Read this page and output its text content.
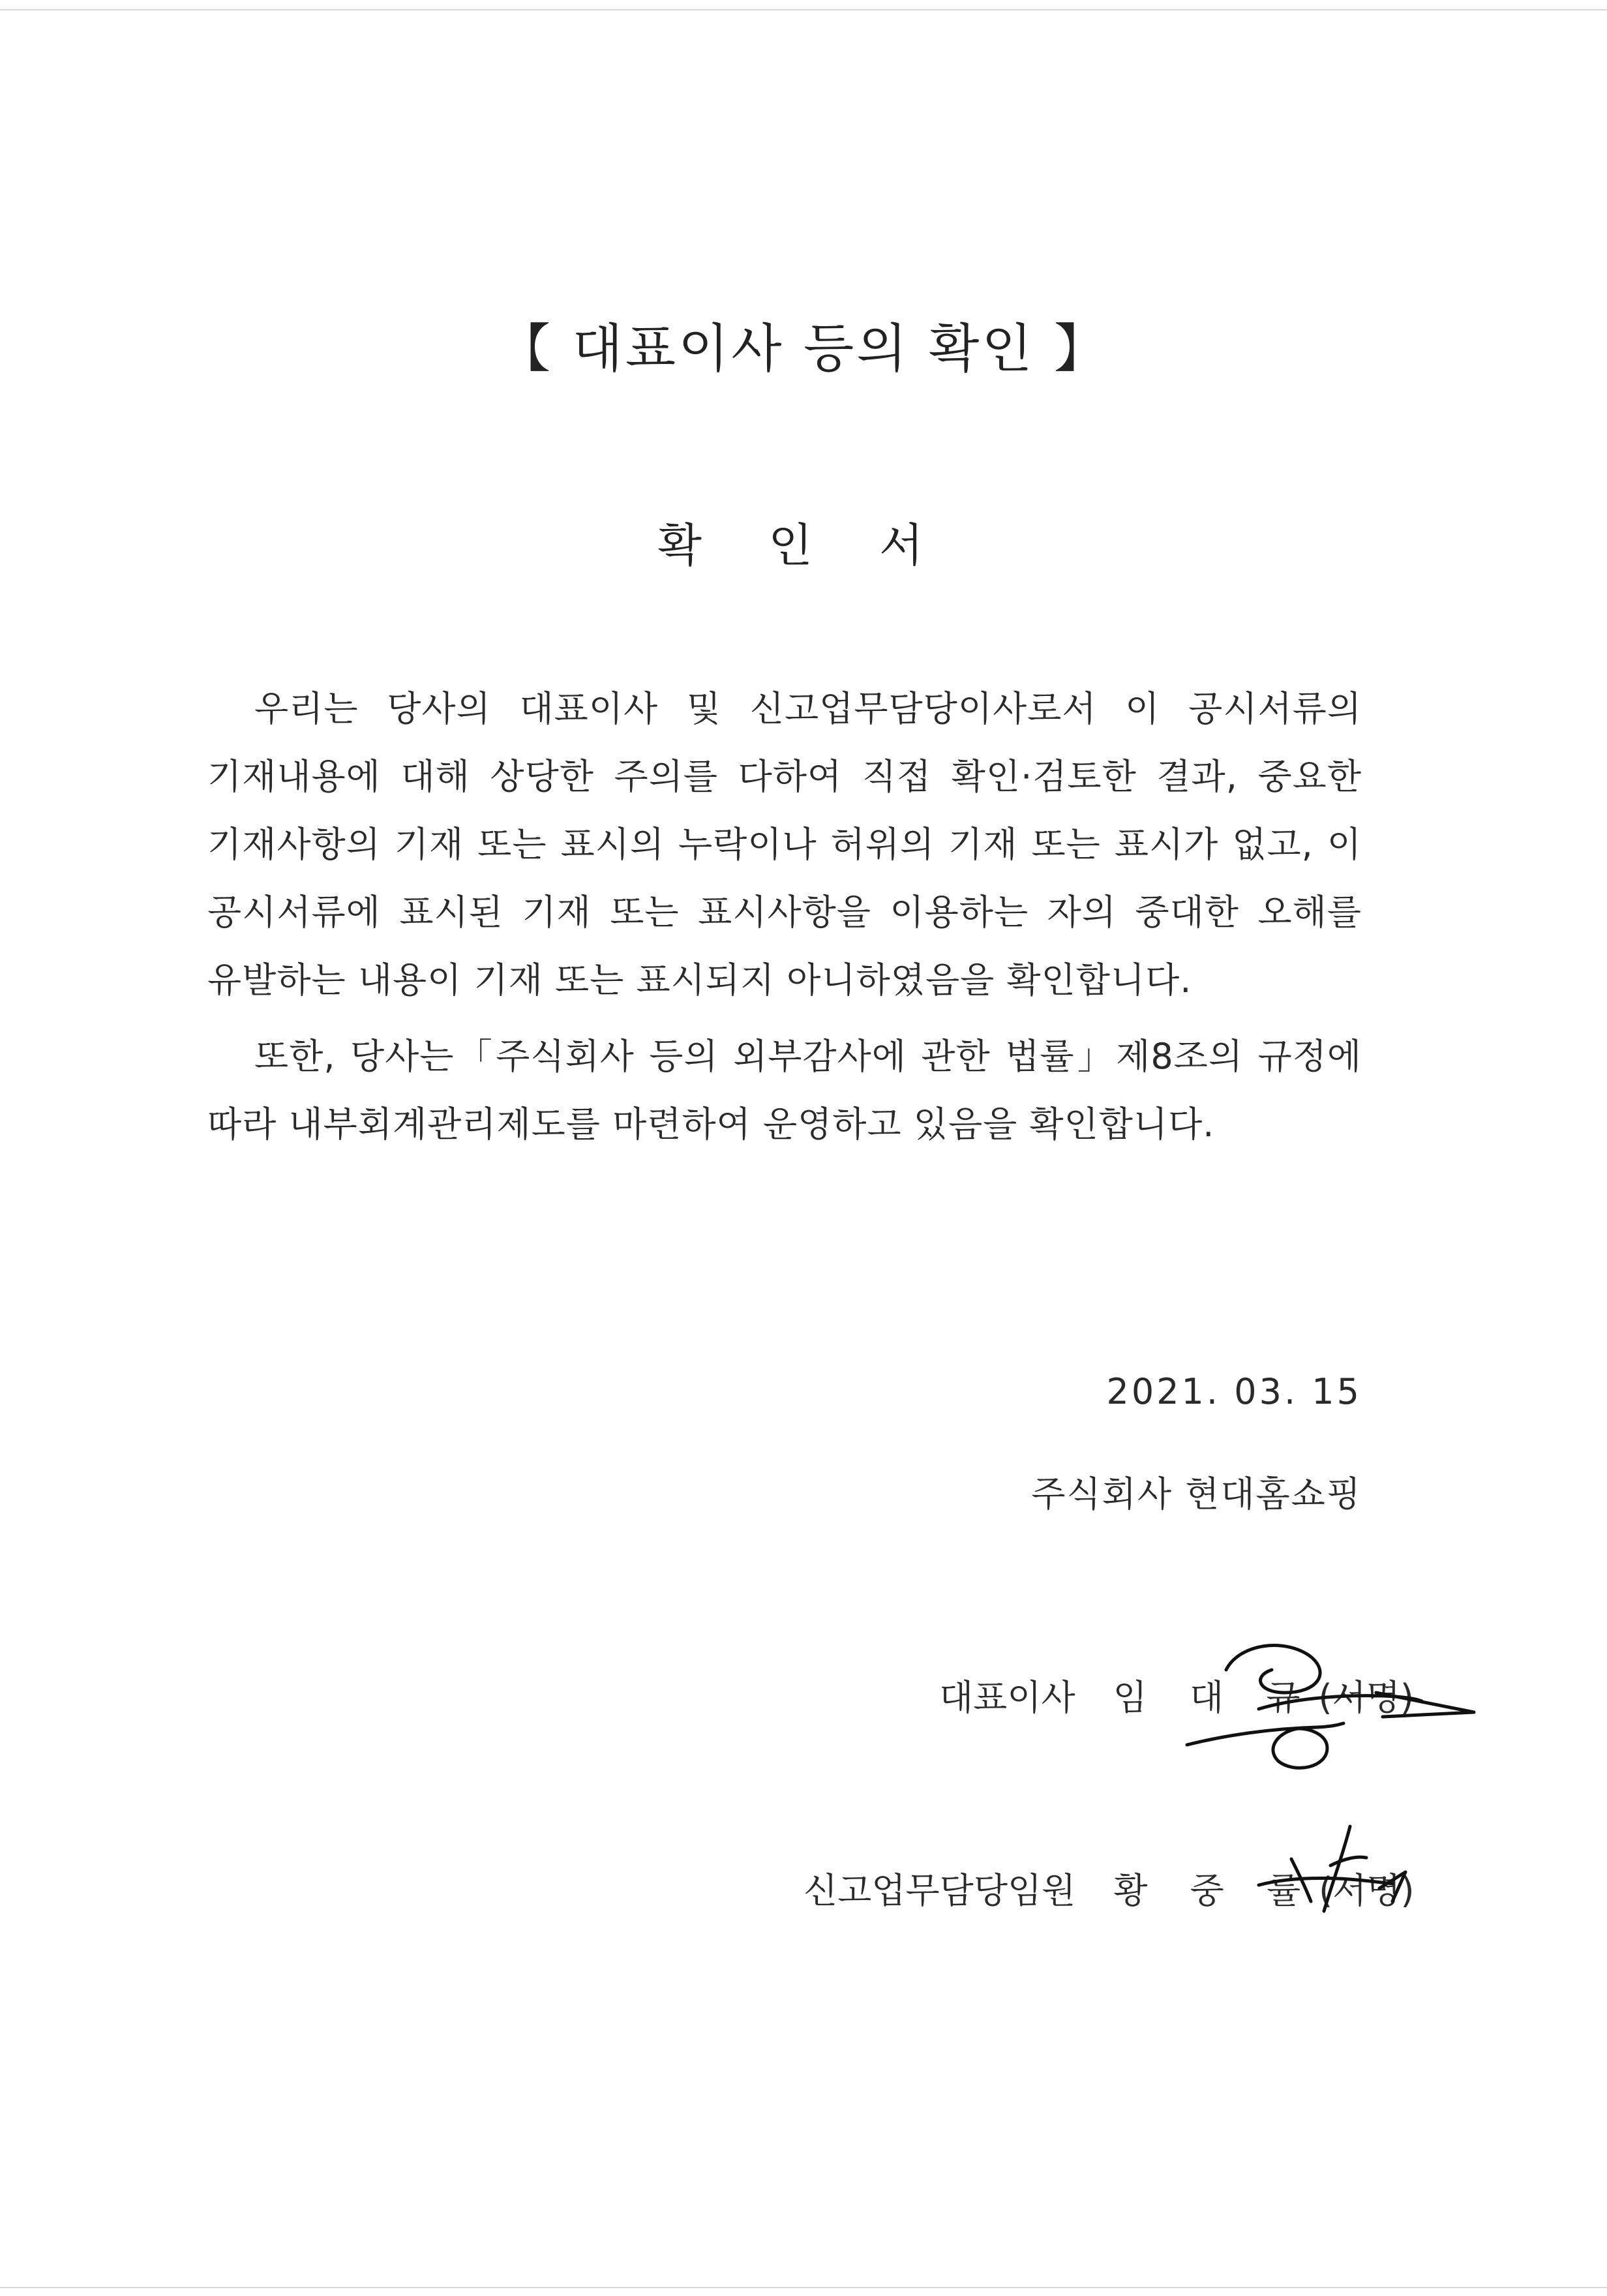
【 대표이사 등의 확인 】
확 인 서

우리는 당사의 대표이사 및 신고업무담당이사로서 이 공시서류의 기재내용에 대해 상당한 주의를 다하여 직접 확인·검토한 결과, 중요한 기재사항의 기재 또는 표시의 누락이나 허위의 기재 또는 표시가 없고, 이 공시서류에 표시된 기재 또는 표시사항을 이용하는 자의 중대한 오해를 유발하는 내용이 기재 또는 표시되지 아니하였음을 확인합니다.

또한, 당사는「주식회사 등의 외부감사에 관한 법률」제8조의 규정에 따라 내부회계관리제도를 마련하여 운영하고 있음을 확인합니다.

2021. 03. 15
주식회사 현대홈쇼핑
대표이사 임 대 규(서명)
신고업무담당임원 황 중 률(서명)
